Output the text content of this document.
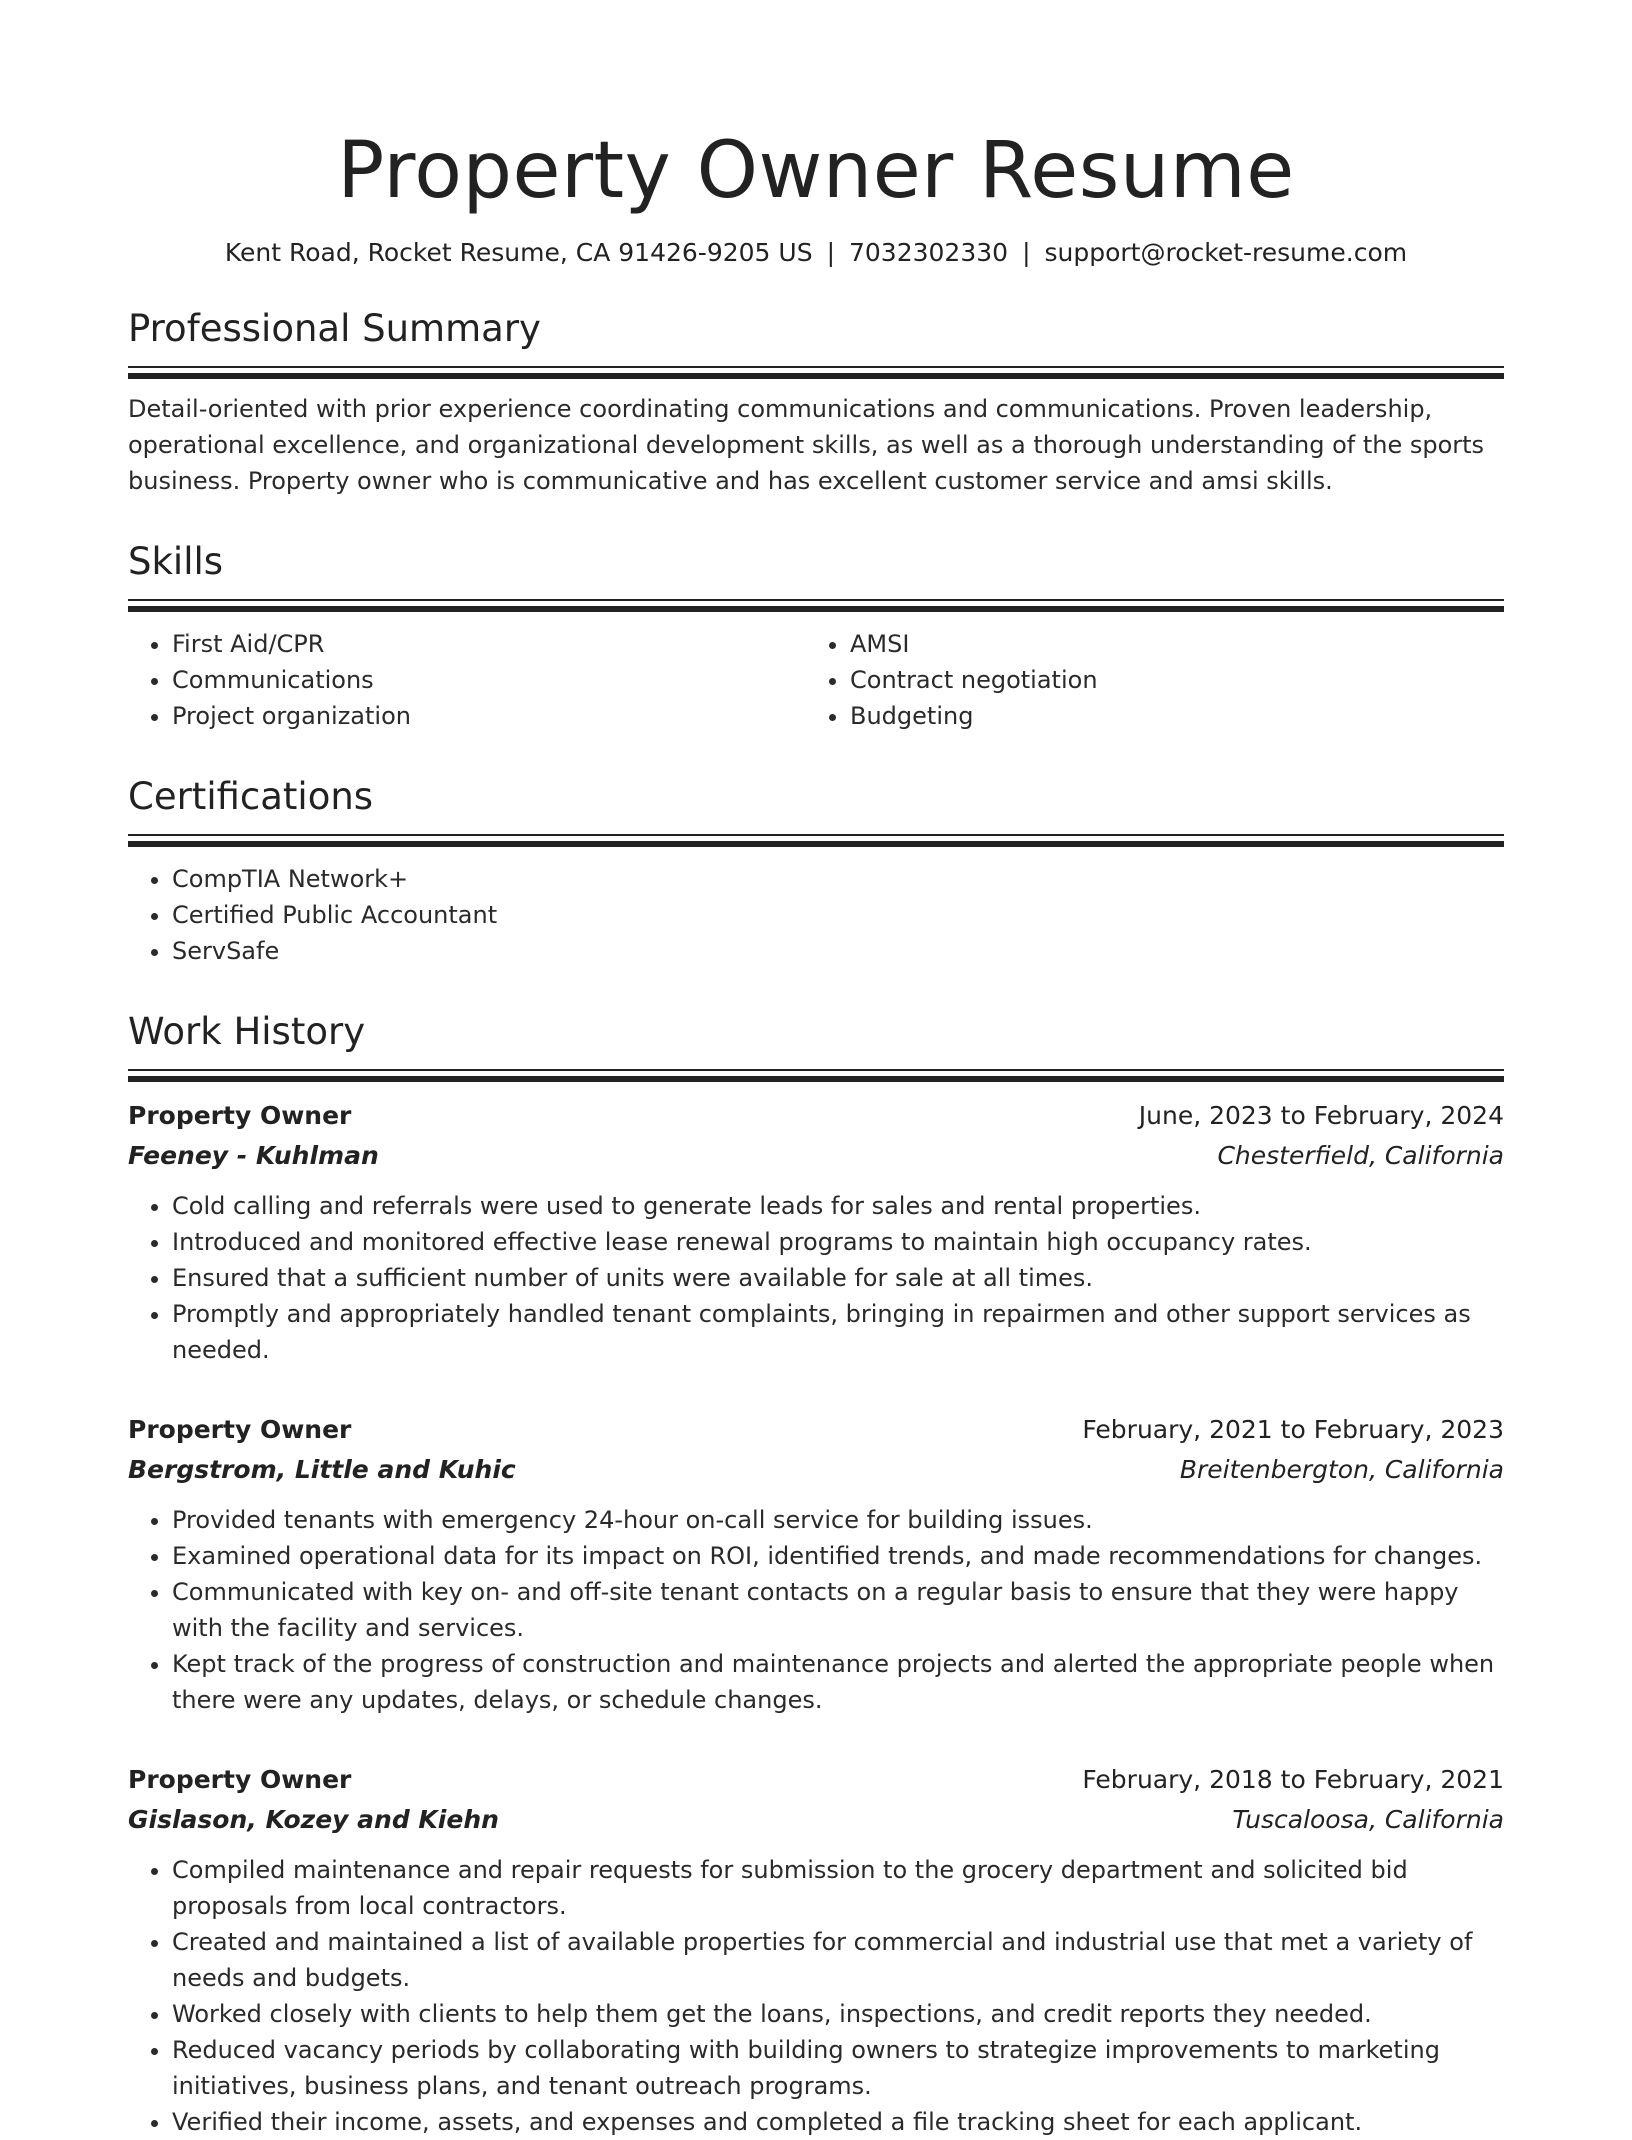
Property Owner Resume
Kent Road, Rocket Resume, CA 91426-9205 US | 7032302330 | support@rocket-resume.com
Professional Summary

Detail-oriented with prior experience coordinating communications and communications. Proven leadership, operational excellence, and organizational development skills, as well as a thorough understanding of the sports business. Property owner who is communicative and has excellent customer service and amsi skills.

Skills
• First Aid/CPR
• Communications
• Project organization
• AMSI
• Contract negotiation
• Budgeting
Certifications
• CompTIA Network+
• Certified Public Accountant
• ServSafe
Work History
Property Owner	June, 2023 to February, 2024
Feeney - Kuhlman	Chesterfield, California
• Cold calling and referrals were used to generate leads for sales and rental properties.
• Introduced and monitored effective lease renewal programs to maintain high occupancy rates.
• Ensured that a sufficient number of units were available for sale at all times.
• Promptly and appropriately handled tenant complaints, bringing in repairmen and other support services as needed.
Property Owner	February, 2021 to February, 2023
Bergstrom, Little and Kuhic	Breitenbergton, California
• Provided tenants with emergency 24-hour on-call service for building issues.
• Examined operational data for its impact on ROI, identified trends, and made recommendations for changes.
• Communicated with key on- and off-site tenant contacts on a regular basis to ensure that they were happy with the facility and services.
• Kept track of the progress of construction and maintenance projects and alerted the appropriate people when there were any updates, delays, or schedule changes.
Property Owner	February, 2018 to February, 2021
Gislason, Kozey and Kiehn	Tuscaloosa, California
• Compiled maintenance and repair requests for submission to the grocery department and solicited bid proposals from local contractors.
• Created and maintained a list of available properties for commercial and industrial use that met a variety of needs and budgets.
• Worked closely with clients to help them get the loans, inspections, and credit reports they needed.
• Reduced vacancy periods by collaborating with building owners to strategize improvements to marketing initiatives, business plans, and tenant outreach programs.
• Verified their income, assets, and expenses and completed a file tracking sheet for each applicant.
